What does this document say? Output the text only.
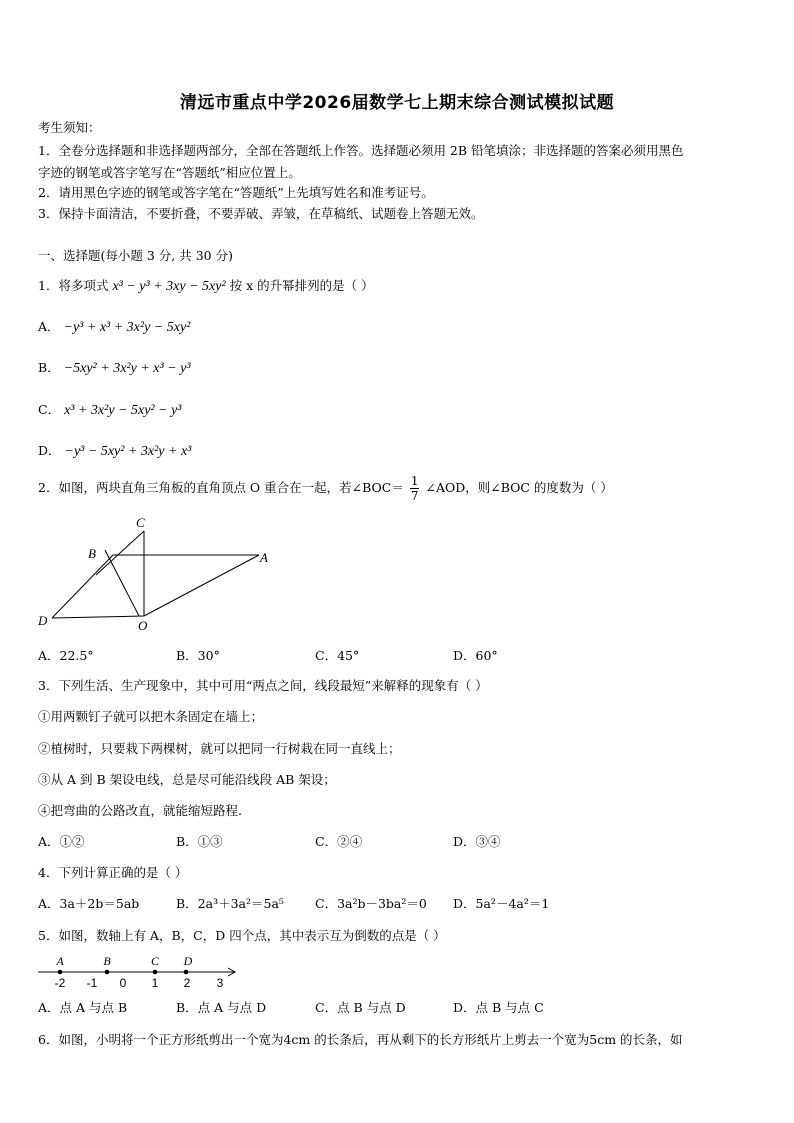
清远市重点中学2026届数学七上期末综合测试模拟试题
考生须知：
1．全卷分选择题和非选择题两部分，全部在答题纸上作答。选择题必须用 2B 铅笔填涂；非选择题的答案必须用黑色
字迹的钢笔或答字笔写在“答题纸”相应位置上。
2．请用黑色字迹的钢笔或答字笔在“答题纸”上先填写姓名和准考证号。
3．保持卡面清洁，不要折叠，不要弄破、弄皱，在草稿纸、试题卷上答题无效。
一、选择题(每小题 3 分, 共 30 分)
1．将多项式 x³ − y³ + 3xy − 5xy² 按 x 的升幂排列的是（ ）
A． −y³ + x³ + 3x²y − 5xy²
B． −5xy² + 3x²y + x³ − y³
C． x³ + 3x²y − 5xy² − y³
D． −y³ − 5xy² + 3x²y + x³
2．如图，两块直角三角板的直角顶点 O 重合在一起，若∠BOC＝ $\frac{1}{7}$ ∠AOD，则∠BOC 的度数为（ ）
C
B	A
D	O
A．22.5°	B．30°	C．45°	D．60°
3．下列生活、生产现象中，其中可用“两点之间，线段最短”来解释的现象有（ ）
①用两颗钉子就可以把木条固定在墙上；
②植树时，只要栽下两棵树，就可以把同一行树栽在同一直线上；
③从 A 到 B 架设电线，总是尽可能沿线段 AB 架设；
④把弯曲的公路改直，就能缩短路程.
A．①②	B．①③	C．②④	D．③④
4．下列计算正确的是（ ）
A．3a＋2b＝5ab	B．2a³＋3a²＝5a⁵ C．3a²b－3ba²＝0 D．5a²－4a²＝1
5．如图，数轴上有 A，B，C，D 四个点，其中表示互为倒数的点是（ ）
A	B	C D
-2 -1 0 1 2 3
A．点 A 与点 B	B．点 A 与点 D	C．点 B 与点 D	D．点 B 与点 C
6．如图，小明将一个正方形纸剪出一个宽为4cm 的长条后，再从剩下的长方形纸片上剪去一个宽为5cm 的长条，如
